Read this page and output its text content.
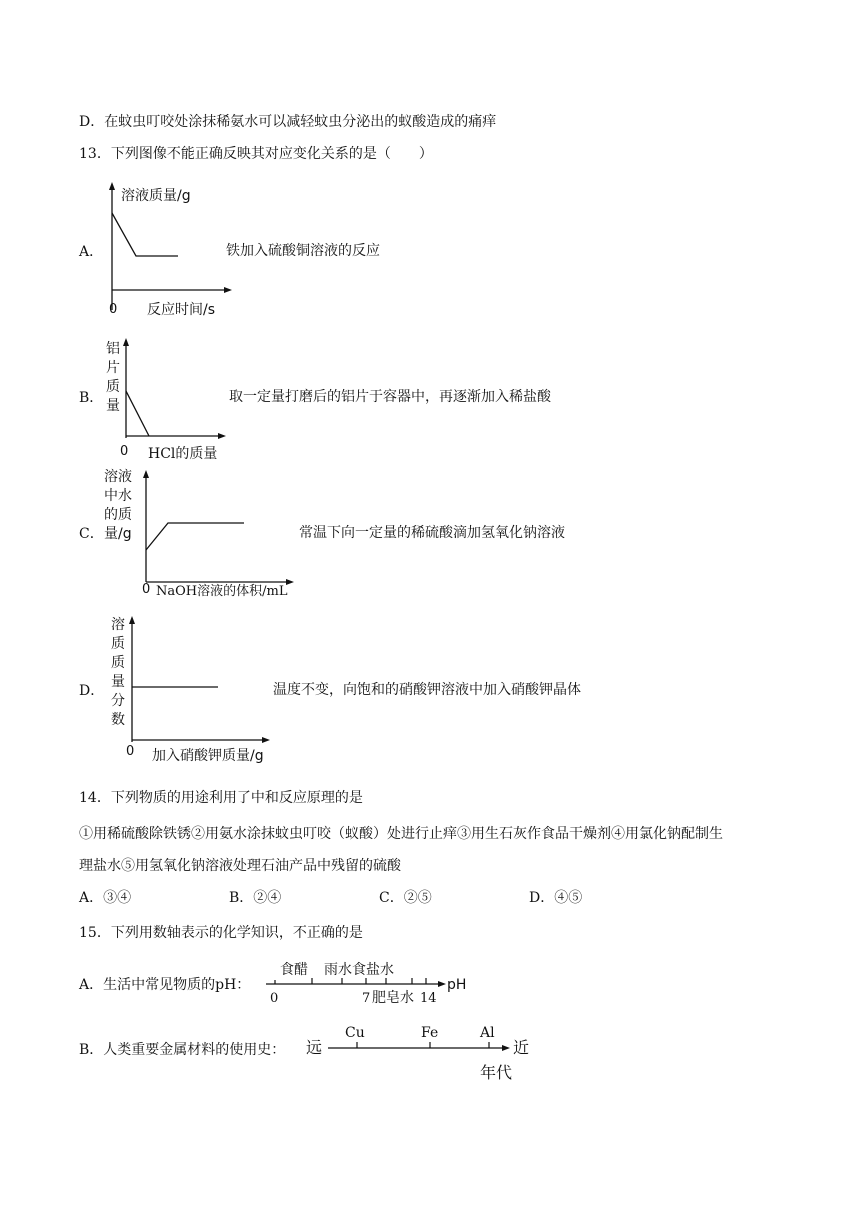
D．在蚊虫叮咬处涂抹稀氨水可以减轻蚊虫分泌出的蚁酸造成的痛痒
13．下列图像不能正确反映其对应变化关系的是（　　）
A．
溶液质量/g
0 反应时间/s
铁加入硫酸铜溶液的反应
B．
铝
片
质
量
0 HCl的质量
取一定量打磨后的铝片于容器中，再逐渐加入稀盐酸
C．
溶液
中水
的质
量/g
0 NaOH溶液的体积/mL
常温下向一定量的稀硫酸滴加氢氧化钠溶液
D．
溶
质
质
量
分
数
0 加入硝酸钾质量/g
温度不变，向饱和的硝酸钾溶液中加入硝酸钾晶体
14．下列物质的用途利用了中和反应原理的是
①用稀硫酸除铁锈②用氨水涂抹蚊虫叮咬（蚁酸）处进行止痒③用生石灰作食品干燥剂④用氯化钠配制生
理盐水⑤用氢氧化钠溶液处理石油产品中残留的硫酸
A．③④	B．②④	C．②⑤	D．④⑤
15．下列用数轴表示的化学知识，不正确的是
A．生活中常见物质的pH：
食醋 雨水 食盐水
0	7 肥皂水 14
pH
B．人类重要金属材料的使用史： 远
Cu	Fe	Al
近
年代
